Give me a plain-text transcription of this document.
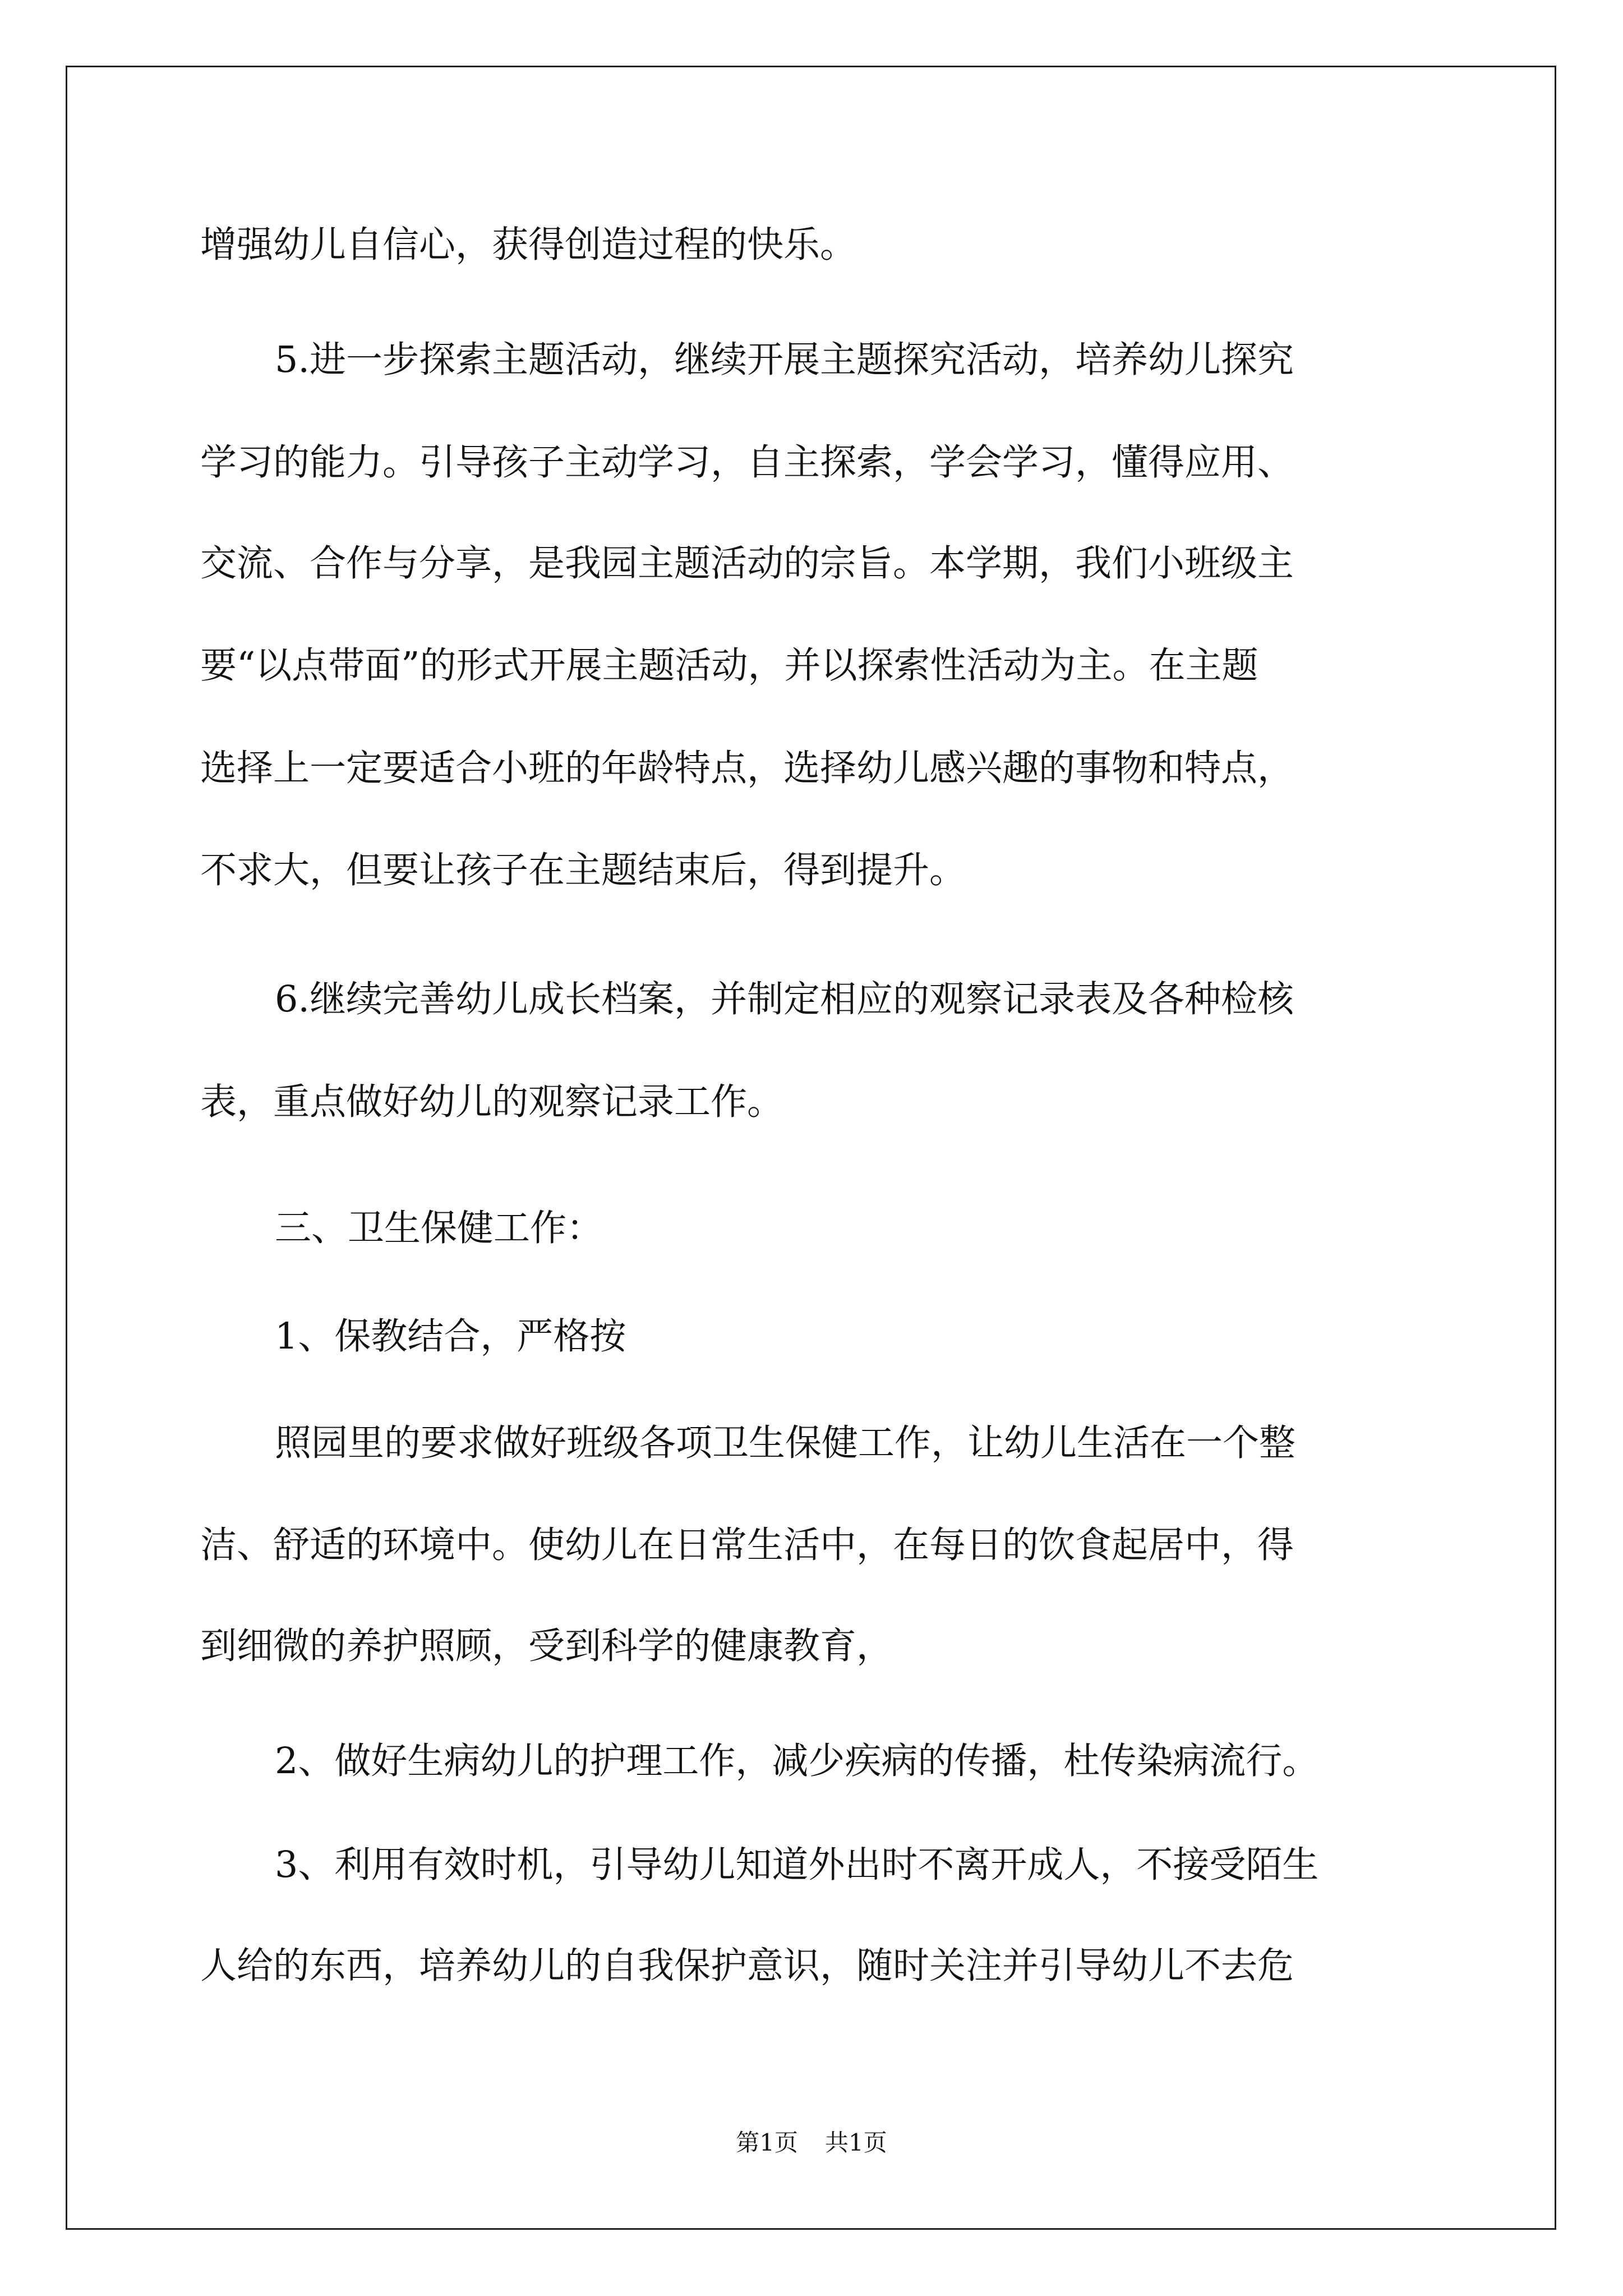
增强幼儿自信心，获得创造过程的快乐。
5.进一步探索主题活动，继续开展主题探究活动，培养幼儿探究
学习的能力。引导孩子主动学习，自主探索，学会学习，懂得应用、
交流、合作与分享，是我园主题活动的宗旨。本学期，我们小班级主
要“以点带面”的形式开展主题活动，并以探索性活动为主。在主题
选择上一定要适合小班的年龄特点，选择幼儿感兴趣的事物和特点，
不求大，但要让孩子在主题结束后，得到提升。
6.继续完善幼儿成长档案，并制定相应的观察记录表及各种检核
表，重点做好幼儿的观察记录工作。
三、卫生保健工作：
1、保教结合，严格按
照园里的要求做好班级各项卫生保健工作，让幼儿生活在一个整
洁、舒适的环境中。使幼儿在日常生活中，在每日的饮食起居中，得
到细微的养护照顾，受到科学的健康教育，
2、做好生病幼儿的护理工作，减少疾病的传播，杜传染病流行。
3、利用有效时机，引导幼儿知道外出时不离开成人，不接受陌生
人给的东西，培养幼儿的自我保护意识，随时关注并引导幼儿不去危
第1页 共1页
